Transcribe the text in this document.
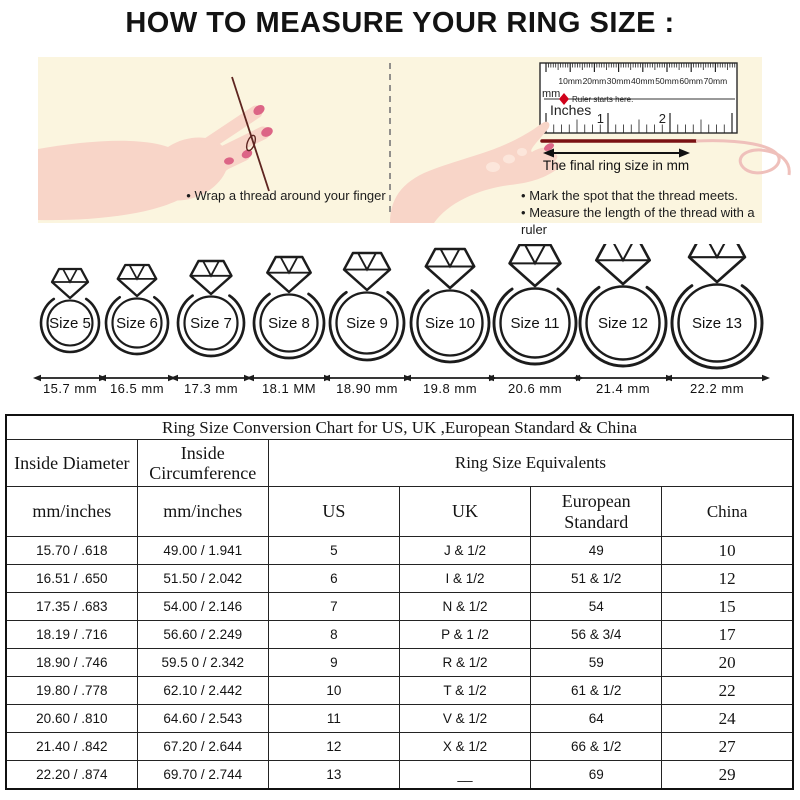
HOW TO MEASURE YOUR RING SIZE :
10mm 20mm 30mm 40mm 50mm 60mm 70mm
1	2
mm Ruler starts here.
Inches
The final ring size in mm
• Wrap a thread around your finger	• Mark the spot that the thread meets.
• Measure the length of the thread with a ruler
Size 5
15.7 mm
Size 6
16.5 mm
Size 7
17.3 mm
Size 8
18.1 MM
Size 9
18.90 mm
Size 10
19.8 mm
Size 11
20.6 mm
Size 12
21.4 mm
Size 13
22.2 mm
Ring Size Conversion Chart for US, UK ,European Standard & China					
Inside Diameter	Inside Circumference	Ring Size Equivalents			
mm/inches	mm/inches	US	UK	European Standard	China
15.70 / .618	49.00 / 1.941	5	J & 1/2	49	10
16.51 / .650	51.50 / 2.042	6	I & 1/2	51 & 1/2	12
17.35 / .683	54.00 / 2.146	7	N & 1/2	54	15
18.19 / .716	56.60 / 2.249	8	P & 1 /2	56 & 3/4	17
18.90 / .746	59.5 0 / 2.342	9	R & 1/2	59	20
19.80 / .778	62.10 / 2.442	10	T & 1/2	61 & 1/2	22
20.60 / .810	64.60 / 2.543	11	V & 1/2	64	24
21.40 / .842	67.20 / 2.644	12	X & 1/2	66 & 1/2	27
22.20 / .874	69.70 / 2.744	13	__	69	29
